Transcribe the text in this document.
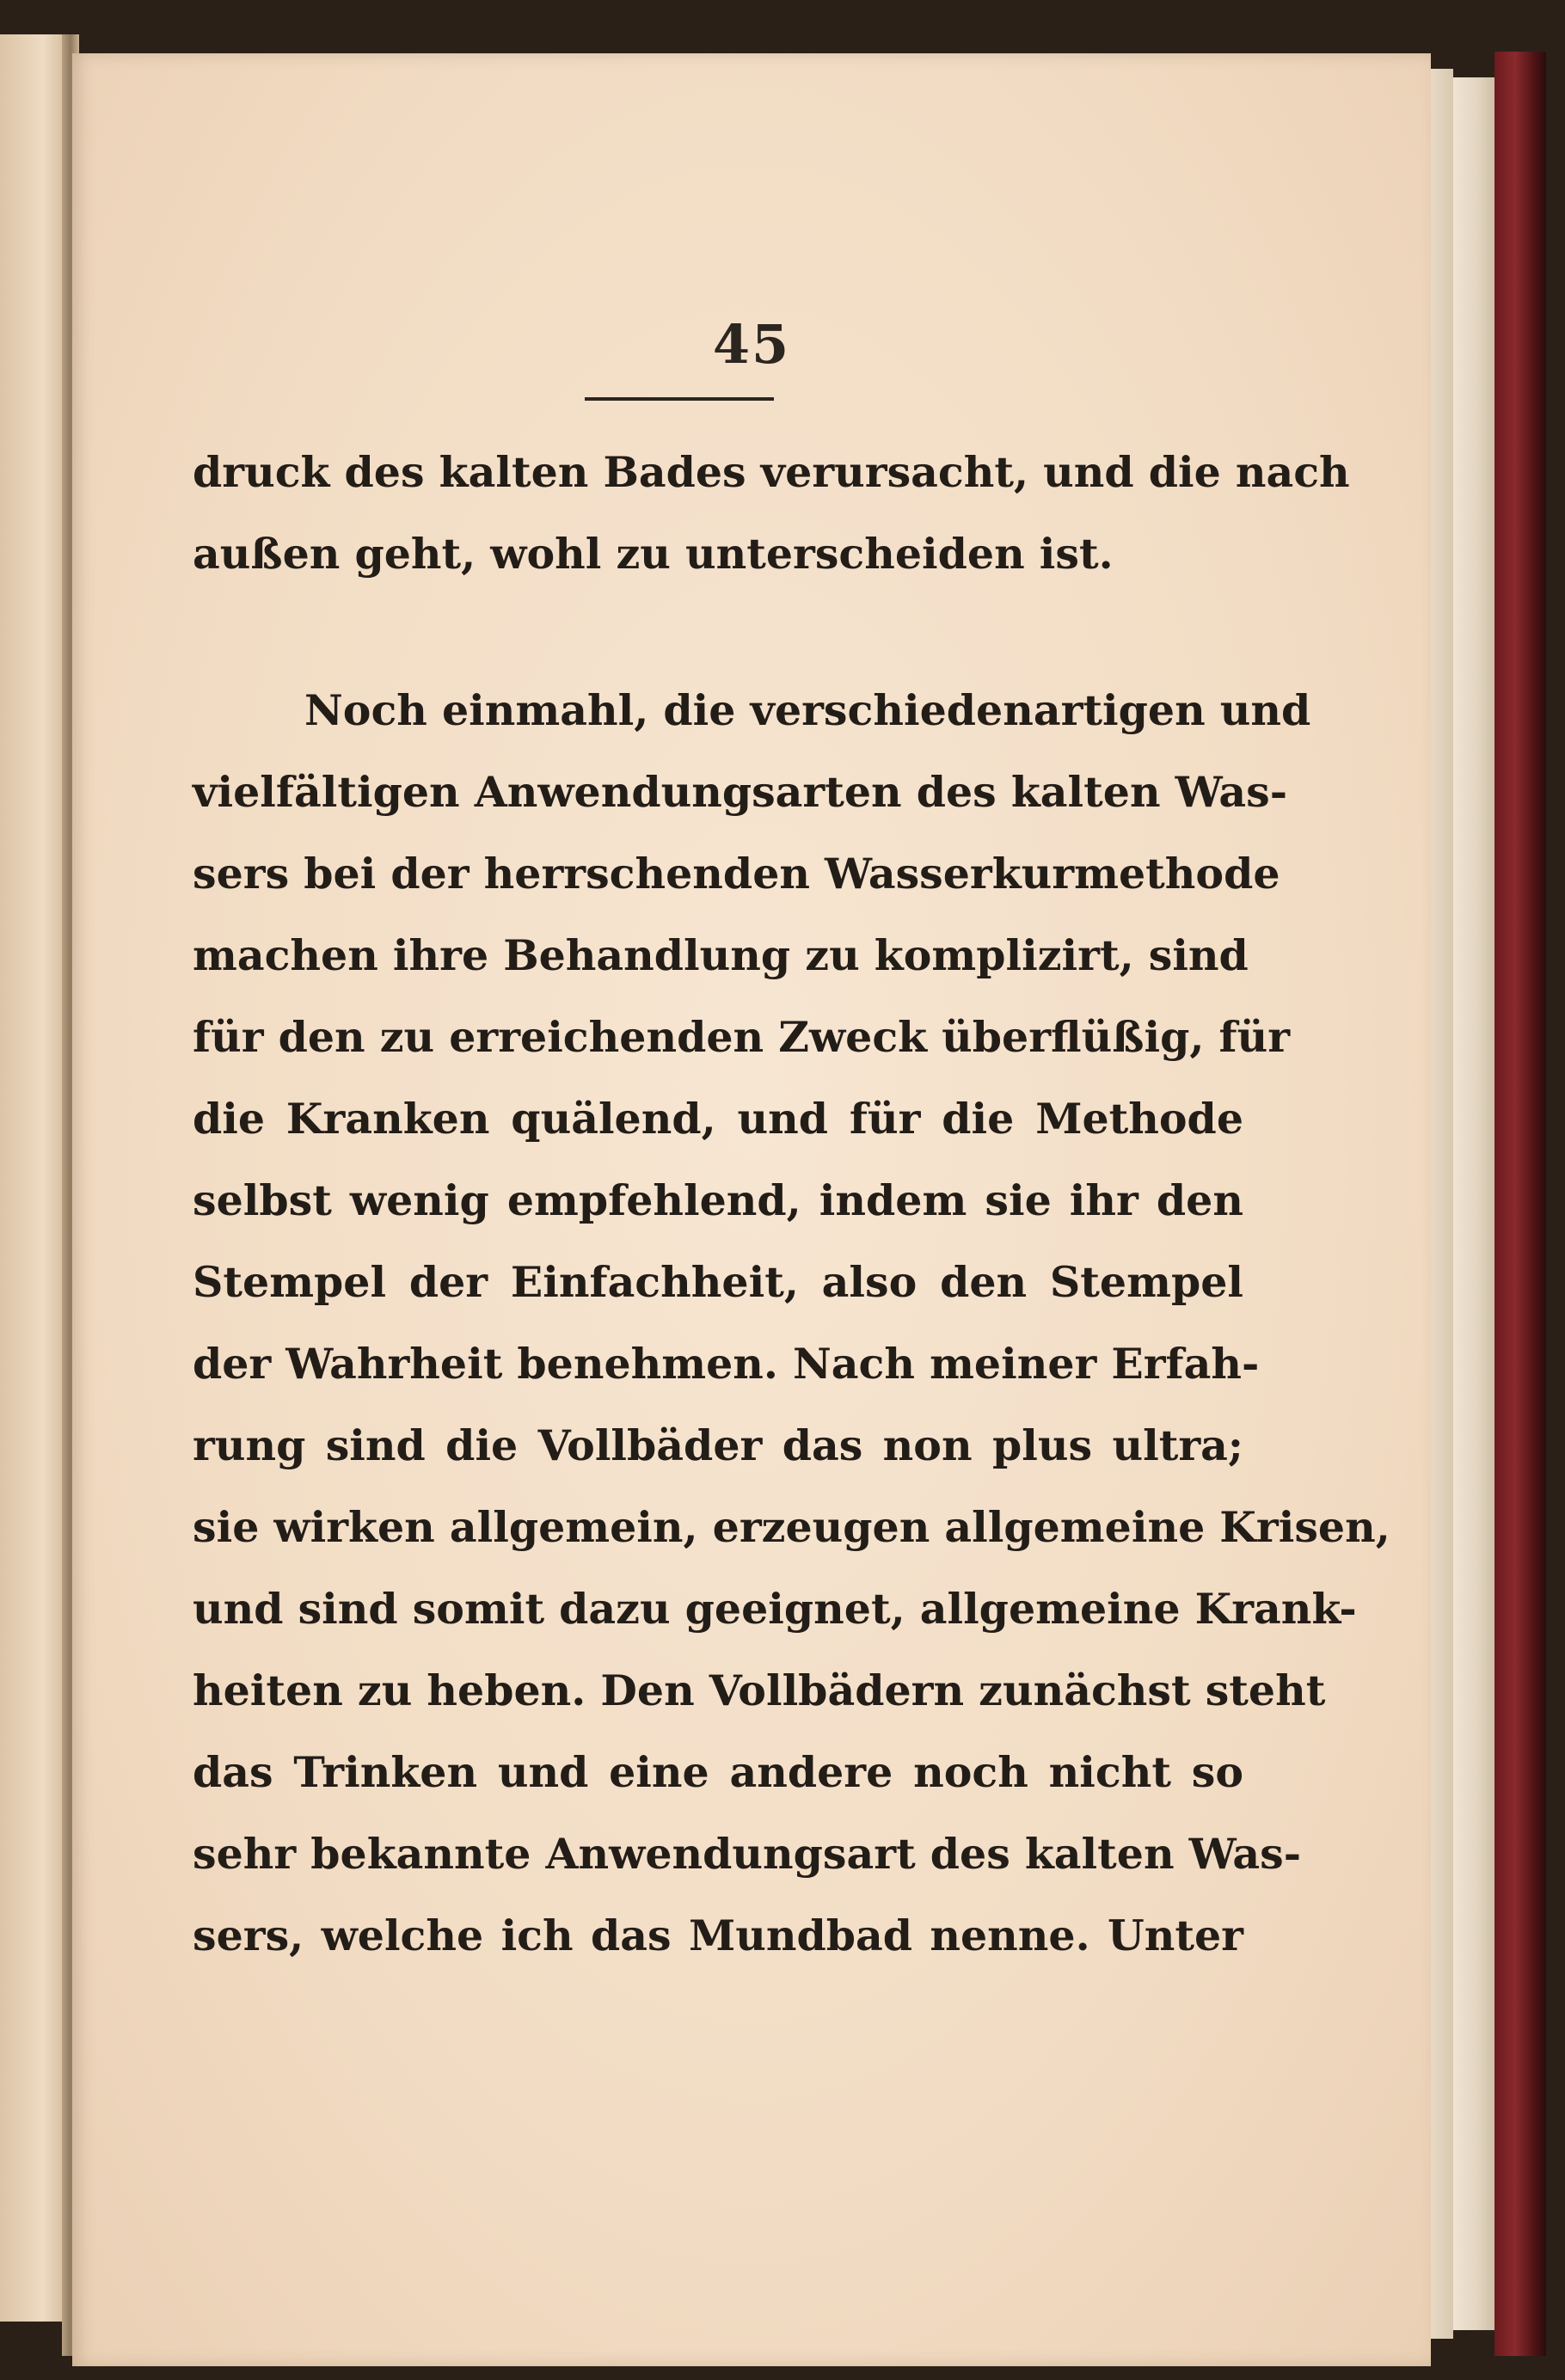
45
druck des kalten Bades verursacht, und die nach
außen geht, wohl zu unterscheiden ist.
Noch einmahl, die verschiedenartigen und
vielfältigen Anwendungsarten des kalten Was-
sers bei der herrschenden Wasserkurmethode
machen ihre Behandlung zu komplizirt, sind
für den zu erreichenden Zweck überflüßig, für
die Kranken quälend, und für die Methode
selbst wenig empfehlend, indem sie ihr den
Stempel der Einfachheit, also den Stempel
der Wahrheit benehmen. Nach meiner Erfah-
rung sind die Vollbäder das non plus ultra;
sie wirken allgemein, erzeugen allgemeine Krisen,
und sind somit dazu geeignet, allgemeine Krank-
heiten zu heben. Den Vollbädern zunächst steht
das Trinken und eine andere noch nicht so
sehr bekannte Anwendungsart des kalten Was-
sers, welche ich das Mundbad nenne. Unter
